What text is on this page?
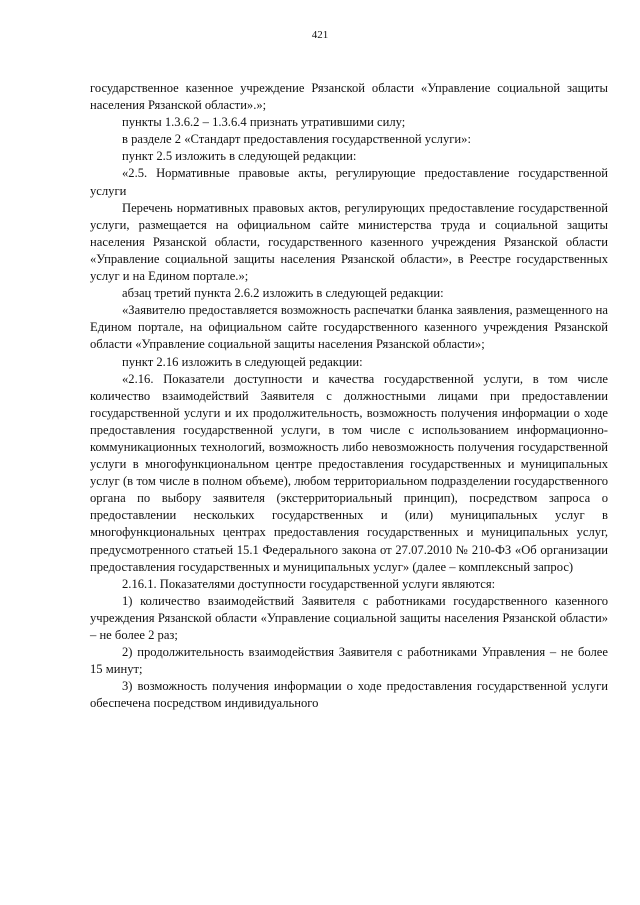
421

государственное казенное учреждение Рязанской области «Управление социальной защиты населения Рязанской области».»;

пункты 1.3.6.2 – 1.3.6.4 признать утратившими силу;

в разделе 2 «Стандарт предоставления государственной услуги»:

пункт 2.5 изложить в следующей редакции:

«2.5. Нормативные правовые акты, регулирующие предоставление государственной услуги

Перечень нормативных правовых актов, регулирующих предоставление государственной услуги, размещается на официальном сайте министерства труда и социальной защиты населения Рязанской области, государственного казенного учреждения Рязанской области «Управление социальной защиты населения Рязанской области», в Реестре государственных услуг и на Едином портале.»;

абзац третий пункта 2.6.2 изложить в следующей редакции:

«Заявителю предоставляется возможность распечатки бланка заявления, размещенного на Едином портале, на официальном сайте государственного казенного учреждения Рязанской области «Управление социальной защиты населения Рязанской области»;

пункт 2.16 изложить в следующей редакции:

«2.16. Показатели доступности и качества государственной услуги, в том числе количество взаимодействий Заявителя с должностными лицами при предоставлении государственной услуги и их продолжительность, возможность получения информации о ходе предоставления государственной услуги, в том числе с использованием информационно-коммуникационных технологий, возможность либо невозможность получения государственной услуги в многофункциональном центре предоставления государственных и муниципальных услуг (в том числе в полном объеме), любом территориальном подразделении государственного органа по выбору заявителя (экстерриториальный принцип), посредством запроса о предоставлении нескольких государственных и (или) муниципальных услуг в многофункциональных центрах предоставления государственных и муниципальных услуг, предусмотренного статьей 15.1 Федерального закона от 27.07.2010 № 210-ФЗ «Об организации предоставления государственных и муниципальных услуг» (далее – комплексный запрос)

2.16.1. Показателями доступности государственной услуги являются:

1) количество взаимодействий Заявителя с работниками государственного казенного учреждения Рязанской области «Управление социальной защиты населения Рязанской области» – не более 2 раз;

2) продолжительность взаимодействия Заявителя с работниками Управления – не более 15 минут;

3) возможность получения информации о ходе предоставления государственной услуги обеспечена посредством индивидуального
